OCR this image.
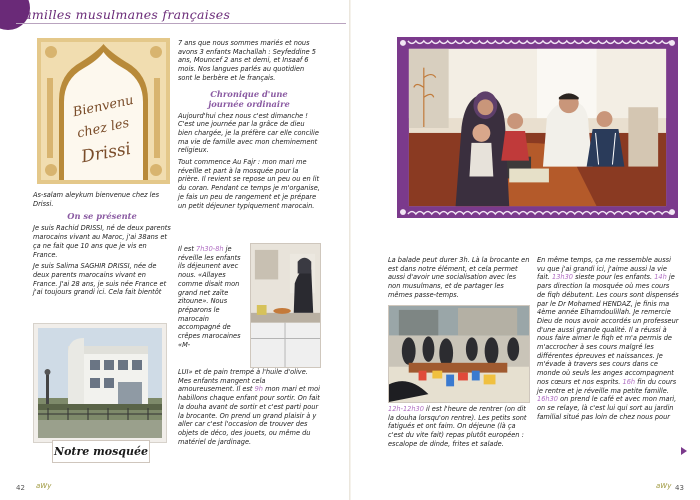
Familles musulmanes françaises
Bienvenu
chez les
Drissi

As-salam aleykum bienvenue chez les Drissi.

On se présente

Je suis Rachid DRISSI, né de deux parents marocains vivant au Maroc, j'ai 38ans et ça ne fait que 10 ans que je vis en France.

Je suis Salima SAGHIR DRISSI, née de deux parents marocains vivant en France. J'ai 28 ans, je suis née France et j'ai toujours grandi ici. Cela fait bientôt

Notre mosquée

7 ans que nous sommes mariés et nous avons 3 enfants Machallah : Seyfeddine 5 ans, Mouncef 2 ans et demi, et Insaaf 6 mois. Nos langues parlés au quotidien sont le berbère et le français.

Chronique d'une
journée ordinaire

Aujourd'hui chez nous c'est dimanche ! C'est une journée par la grâce de dieu bien chargée, je la préfère car elle concilie ma vie de famille avec mon cheminement religieux.

Tout commence Au Fajr : mon mari me réveille et part à la mosquée pour la prière. Il revient se repose un peu ou en lit du coran. Pendant ce temps je m'organise, je fais un peu de rangement et je prépare un petit déjeuner typiquement marocain.

Il est 7h30-8h je réveille les enfants ils déjeunent avec nous. «Allayes comme disait mon grand net zaïte zitoune». Nous préparons le marocain accompagné de crêpes marocaines «M-
LUI» et de pain trempé à l'huile d'olive. Mes enfants mangent cela amoureusement. Il est 9h mon mari et moi habillons chaque enfant pour sortir. On fait la douha avant de sortir et c'est parti pour la brocante. On prend un grand plaisir à y aller car c'est l'occasion de trouver des objets de déco, des jouets, ou même du matériel de jardinage.
42 aWy

La balade peut durer 3h. Là la brocante en est dans notre élément, et cela permet aussi d'avoir une socialisation avec les non musulmans, et de partager les mêmes passe-temps.

12h-12h30 il est l'heure de rentrer (on dit la douha lorsqu'on rentre). Les petits sont fatigués et ont faim. On déjeune (là ça c'est du vite fait) repas plutôt européen : escalope de dinde, frites et salade.
En même temps, ça me ressemble aussi vu que j'ai grandi ici, j'aime aussi la vie fait. 13h30 sieste pour les enfants. 14h je pars direction la mosquée où mes cours de fiqh débutent. Les cours sont dispensés par le Dr Mohamed HENDAZ, je finis ma 4ème année Elhamdoulillah. Je remercie Dieu de nous avoir accordés un professeur d'une aussi grande qualité. Il a réussi à nous faire aimer le fiqh et m'a permis de m'accrocher à ses cours malgré les différentes épreuves et naissances. Je m'évade à travers ses cours dans ce monde où seuls les anges accompagnent nos cœurs et nos esprits. 16h fin du cours je rentre et je réveille ma petite famille. 16h30 on prend le café et avec mon mari, on se relaye, là c'est lui qui sort au jardin familial situé pas loin de chez nous pour
aWy 43
